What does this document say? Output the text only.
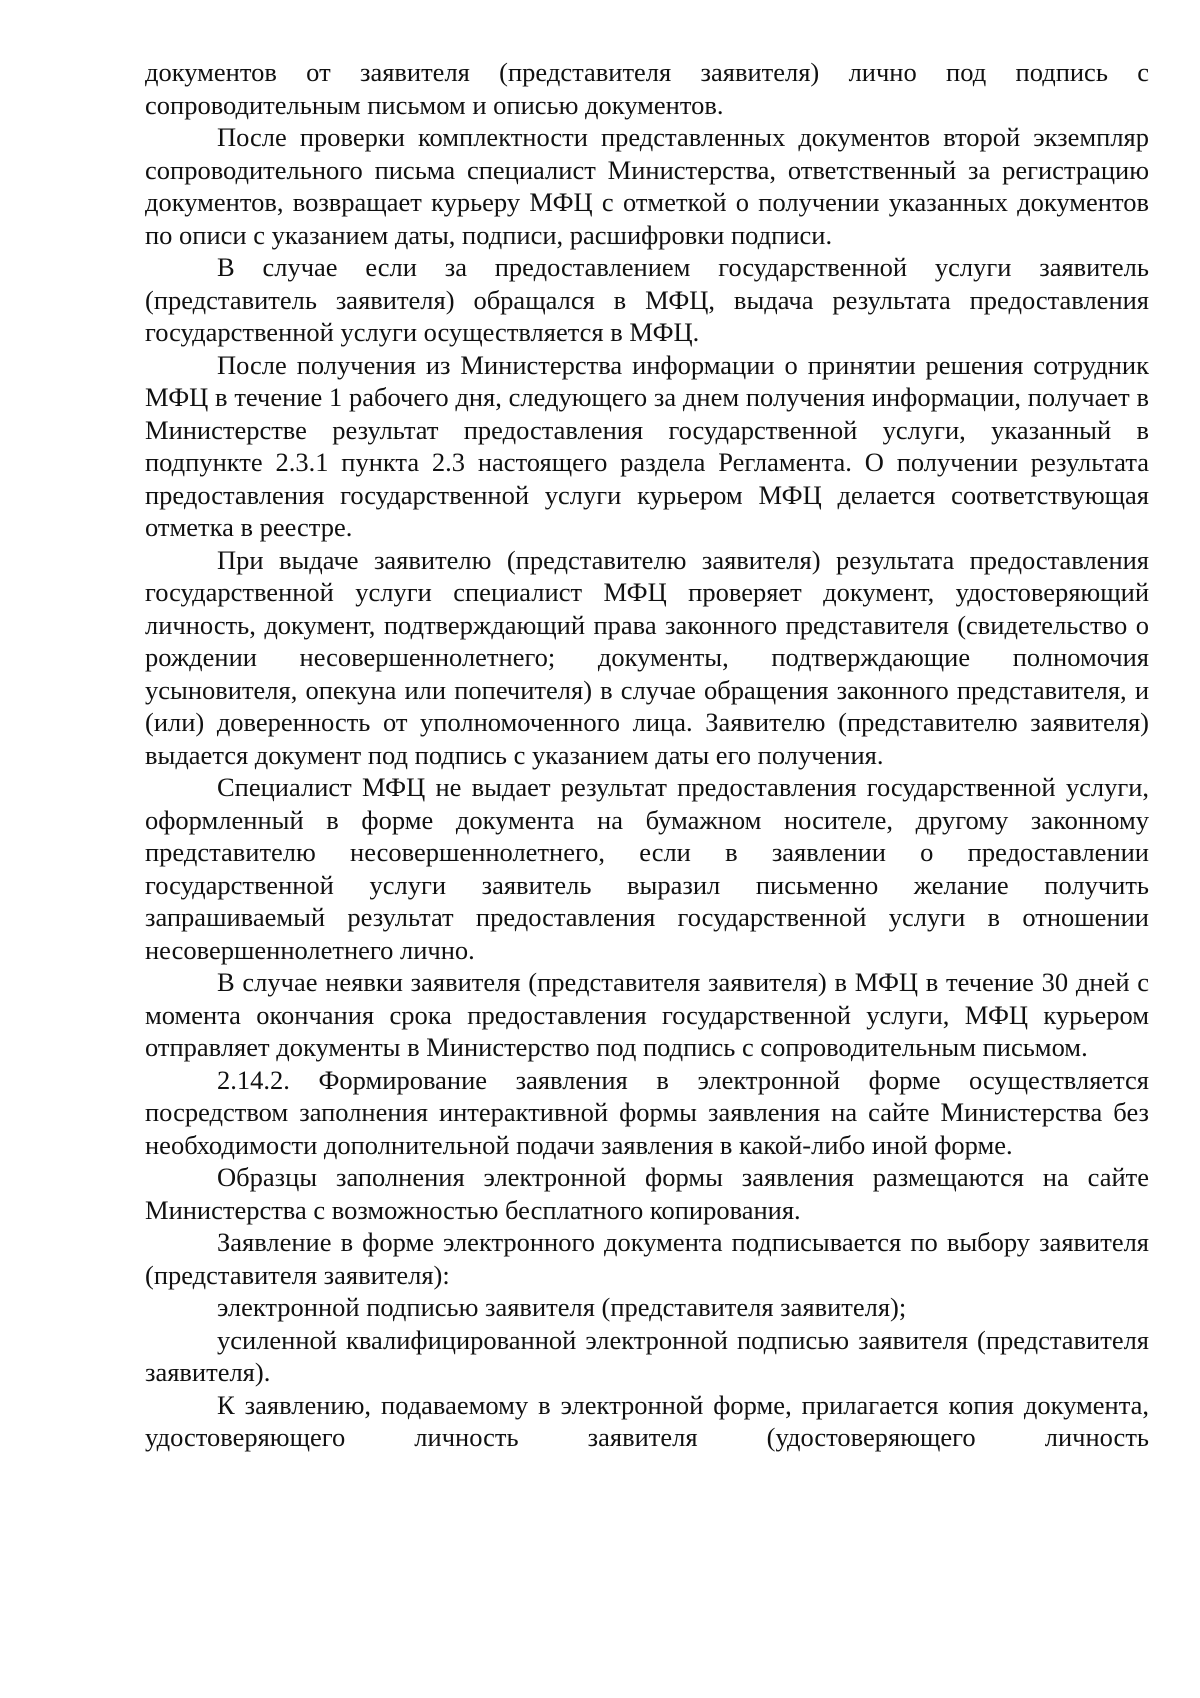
документов от заявителя (представителя заявителя) лично под подпись с сопроводительным письмом и описью документов.

После проверки комплектности представленных документов второй экземпляр сопроводительного письма специалист Министерства, ответственный за регистрацию документов, возвращает курьеру МФЦ с отметкой о получении указанных документов по описи с указанием даты, подписи, расшифровки подписи.

В случае если за предоставлением государственной услуги заявитель (представитель заявителя) обращался в МФЦ, выдача результата предоставления государственной услуги осуществляется в МФЦ.

После получения из Министерства информации о принятии решения сотрудник МФЦ в течение 1 рабочего дня, следующего за днем получения информации, получает в Министерстве результат предоставления государственной услуги, указанный в подпункте 2.3.1 пункта 2.3 настоящего раздела Регламента. О получении результата предоставления государственной услуги курьером МФЦ делается соответствующая отметка в реестре.

При выдаче заявителю (представителю заявителя) результата предоставления государственной услуги специалист МФЦ проверяет документ, удостоверяющий личность, документ, подтверждающий права законного представителя (свидетельство о рождении несовершеннолетнего; документы, подтверждающие полномочия усыновителя, опекуна или попечителя) в случае обращения законного представителя, и (или) доверенность от уполномоченного лица. Заявителю (представителю заявителя) выдается документ под подпись с указанием даты его получения.

Специалист МФЦ не выдает результат предоставления государственной услуги, оформленный в форме документа на бумажном носителе, другому законному представителю несовершеннолетнего, если в заявлении о предоставлении государственной услуги заявитель выразил письменно желание получить запрашиваемый результат предоставления государственной услуги в отношении несовершеннолетнего лично.

В случае неявки заявителя (представителя заявителя) в МФЦ в течение 30 дней с момента окончания срока предоставления государственной услуги, МФЦ курьером отправляет документы в Министерство под подпись с сопроводительным письмом.

2.14.2. Формирование заявления в электронной форме осуществляется посредством заполнения интерактивной формы заявления на сайте Министерства без необходимости дополнительной подачи заявления в какой-либо иной форме.

Образцы заполнения электронной формы заявления размещаются на сайте Министерства с возможностью бесплатного копирования.

Заявление в форме электронного документа подписывается по выбору заявителя (представителя заявителя):

электронной подписью заявителя (представителя заявителя);

усиленной квалифицированной электронной подписью заявителя (представителя заявителя).

К заявлению, подаваемому в электронной форме, прилагается копия документа, удостоверяющего личность заявителя (удостоверяющего личность
